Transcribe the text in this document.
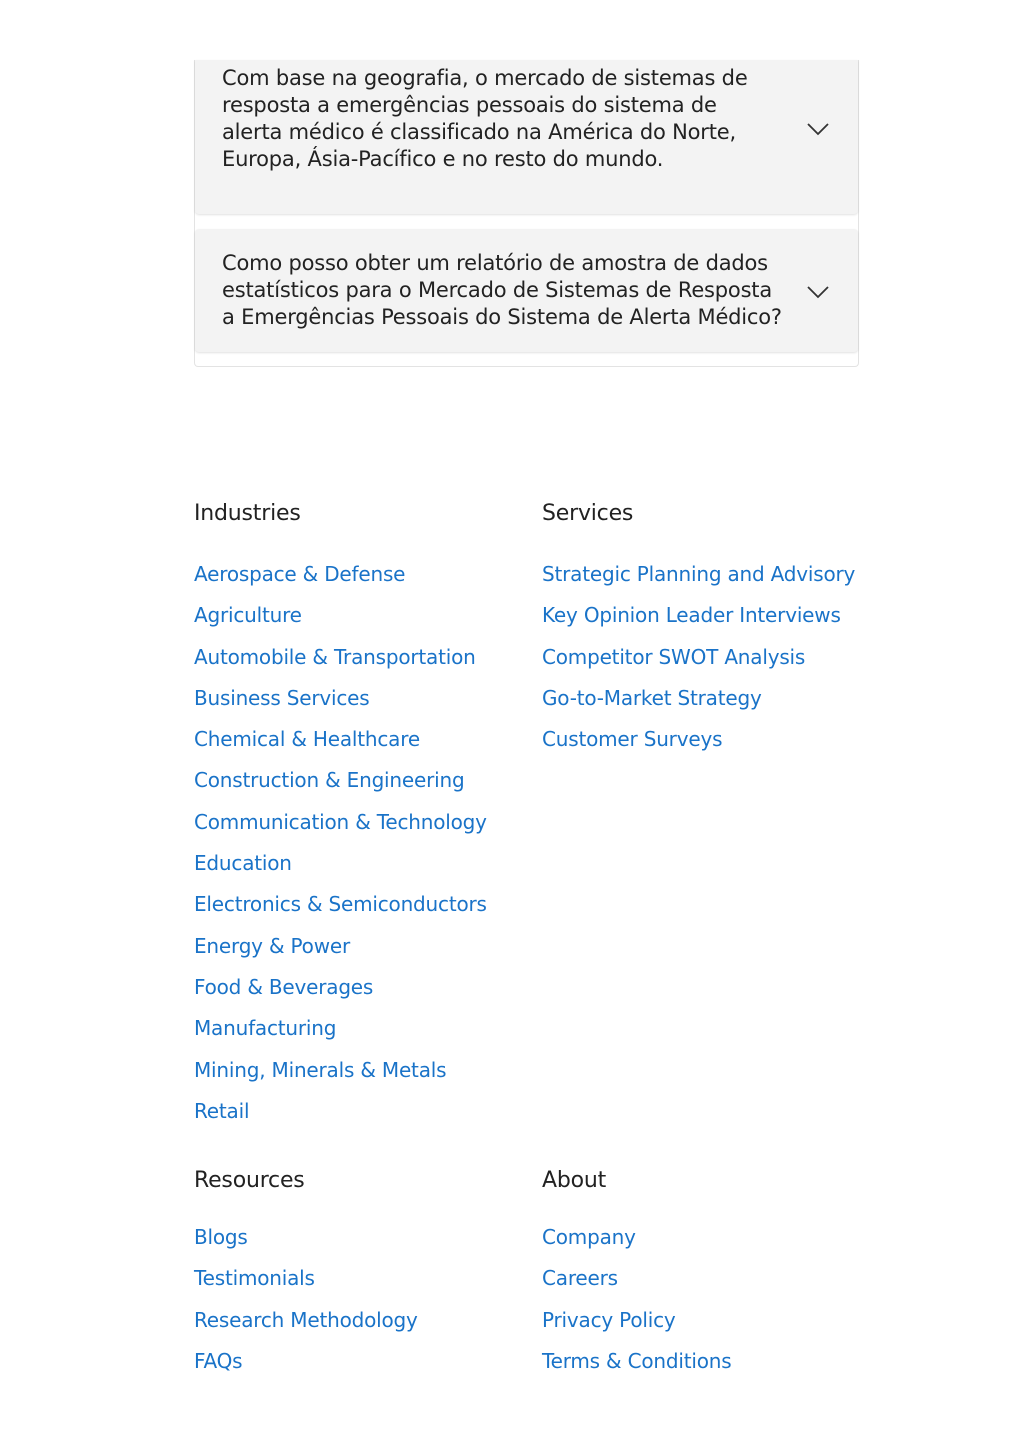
Com base na geografia, o mercado de sistemas de resposta a emergências pessoais do sistema de alerta médico é classificado na América do Norte, Europa, Ásia-Pacífico e no resto do mundo.
Como posso obter um relatório de amostra de dados estatísticos para o Mercado de Sistemas de Resposta a Emergências Pessoais do Sistema de Alerta Médico?
Industries
Aerospace & Defense
Agriculture
Automobile & Transportation
Business Services
Chemical & Healthcare
Construction & Engineering
Communication & Technology
Education
Electronics & Semiconductors
Energy & Power
Food & Beverages
Manufacturing
Mining, Minerals & Metals
Retail
Services
Strategic Planning and Advisory
Key Opinion Leader Interviews
Competitor SWOT Analysis
Go-to-Market Strategy
Customer Surveys
Resources
Blogs
Testimonials
Research Methodology
FAQs
About
Company
Careers
Privacy Policy
Terms & Conditions
